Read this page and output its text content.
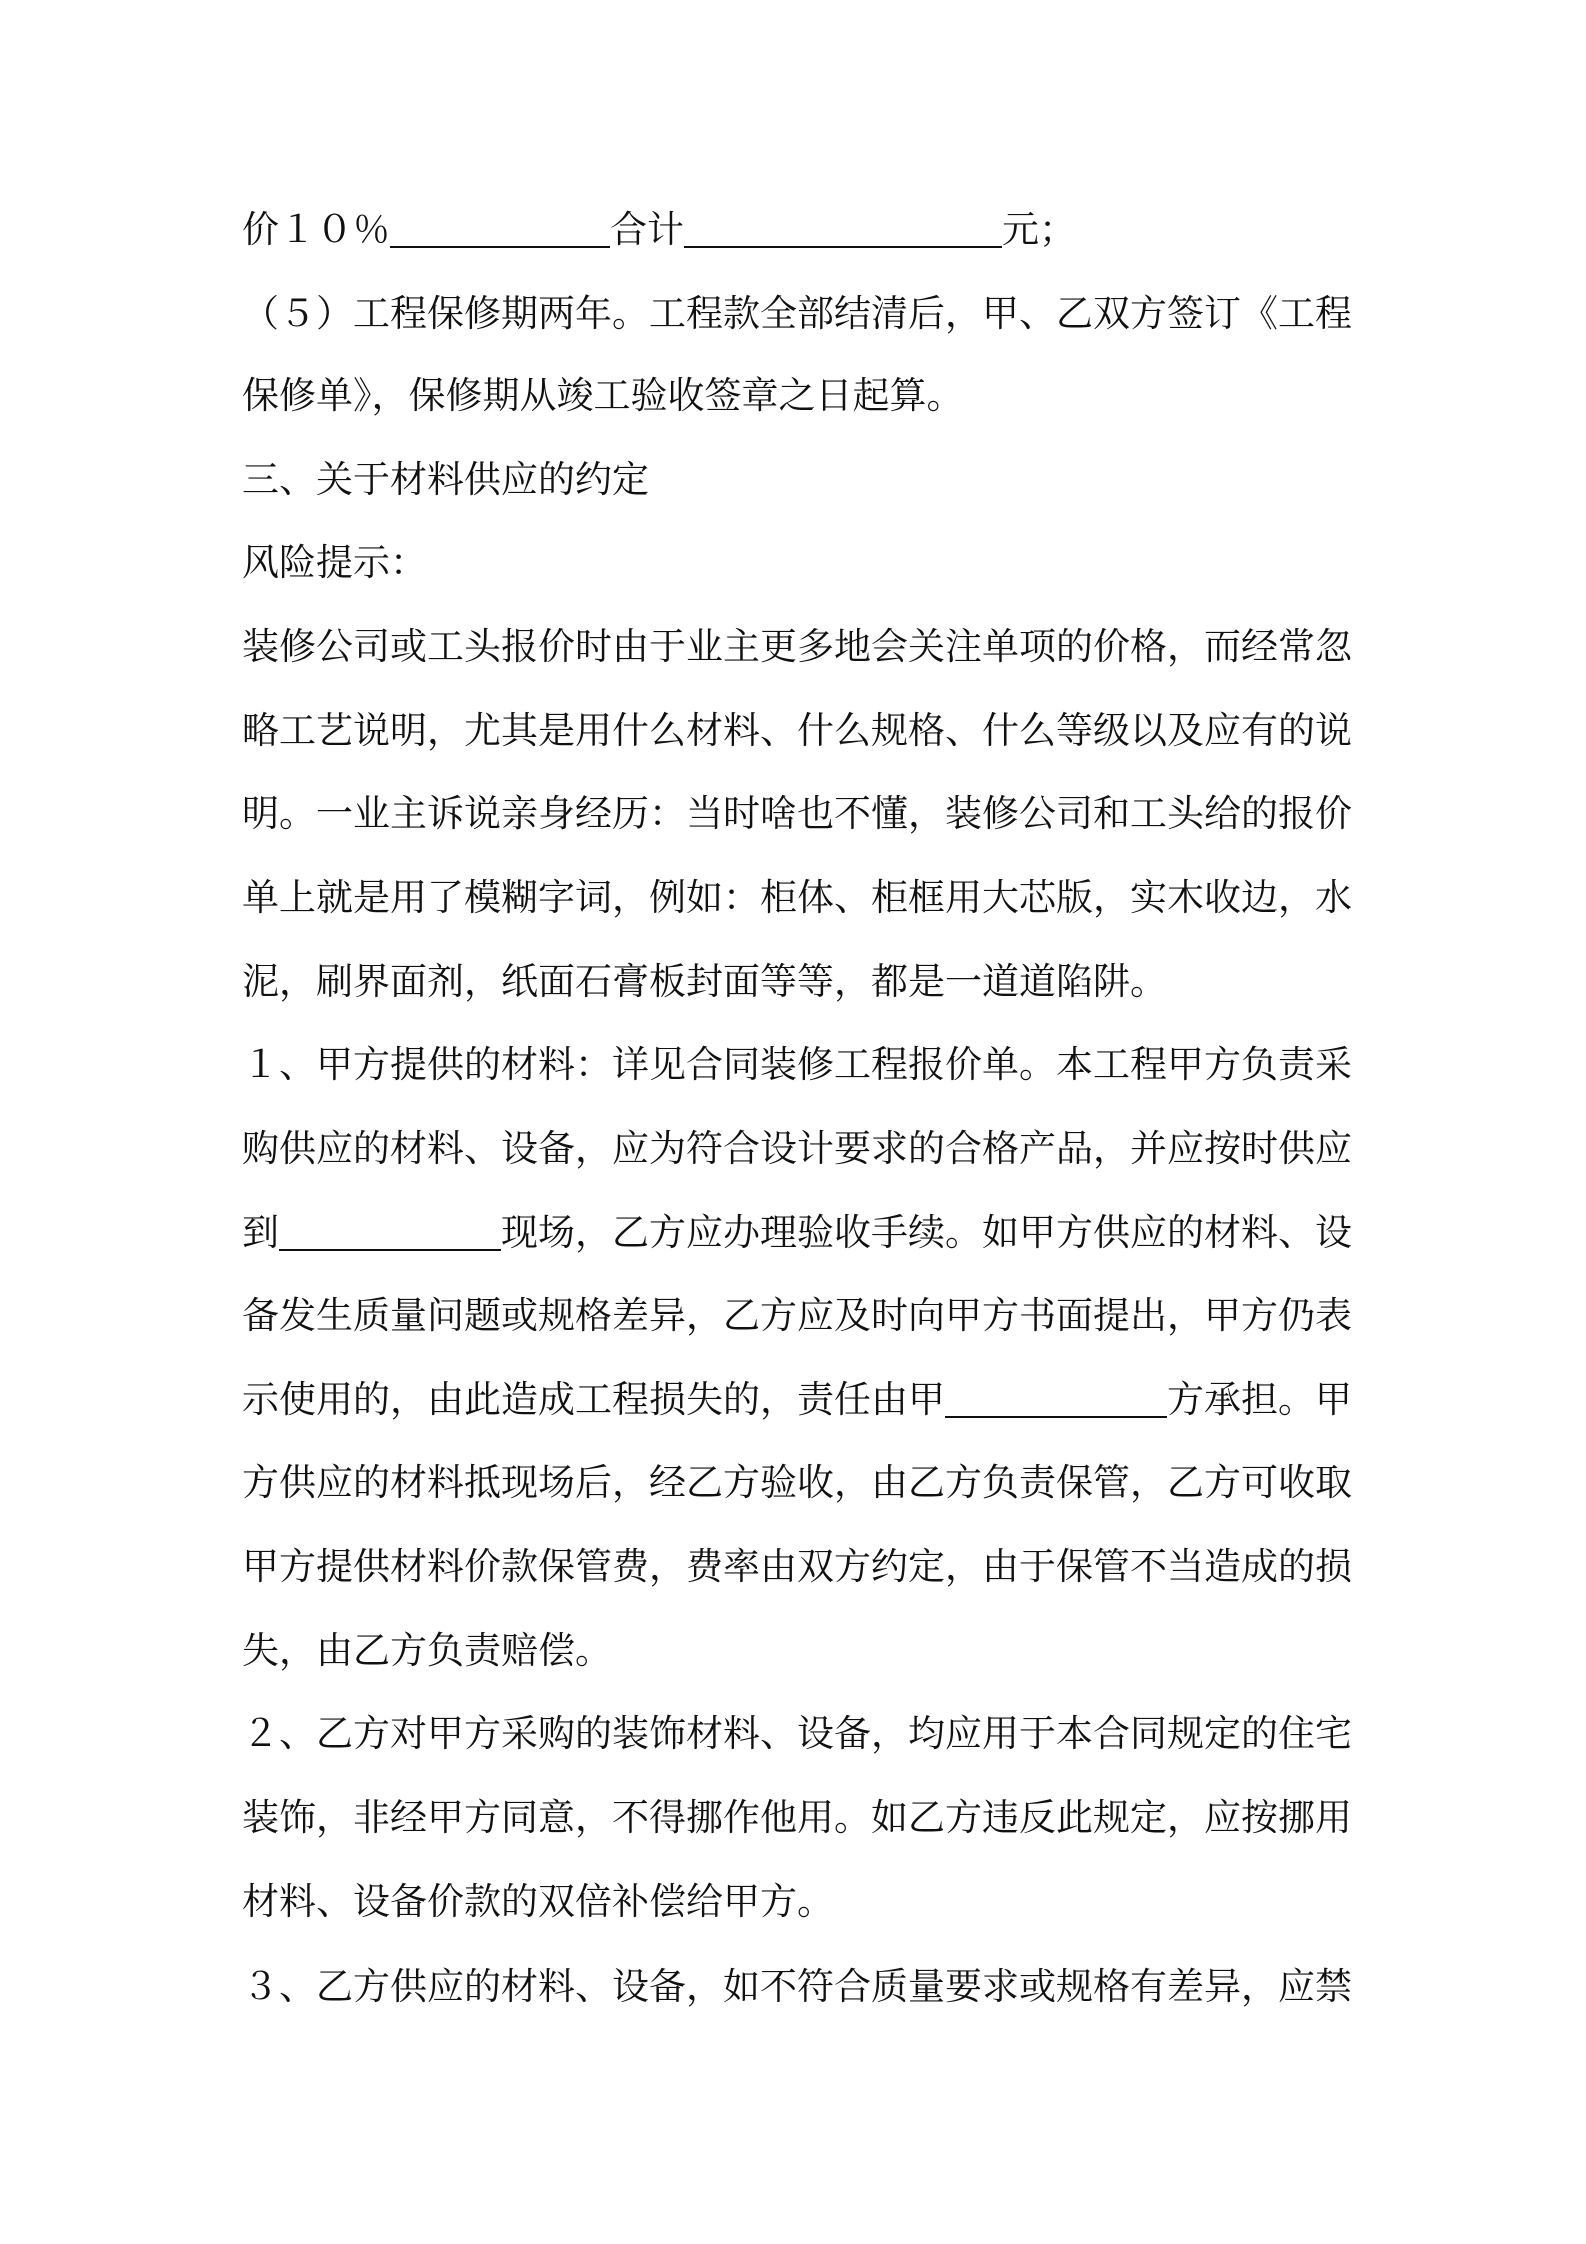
价１０％	合计	元；
（５）工程保修期两年。工程款全部结清后，甲、乙双方签订《工程
保修单》，保修期从竣工验收签章之日起算。
三、关于材料供应的约定
风险提示：
装修公司或工头报价时由于业主更多地会关注单项的价格，而经常忽
略工艺说明，尤其是用什么材料、什么规格、什么等级以及应有的说
明。一业主诉说亲身经历：当时啥也不懂，装修公司和工头给的报价
单上就是用了模糊字词，例如：柜体、柜框用大芯版，实木收边，水
泥，刷界面剂，纸面石膏板封面等等，都是一道道陷阱。
１、甲方提供的材料：详见合同装修工程报价单。本工程甲方负责采
购供应的材料、设备，应为符合设计要求的合格产品，并应按时供应
到	现场，乙方应办理验收手续。如甲方供应的材料、设
备发生质量问题或规格差异，乙方应及时向甲方书面提出，甲方仍表
示使用的，由此造成工程损失的，责任由甲	方承担。甲
方供应的材料抵现场后，经乙方验收，由乙方负责保管，乙方可收取
甲方提供材料价款保管费，费率由双方约定，由于保管不当造成的损
失，由乙方负责赔偿。
２、乙方对甲方采购的装饰材料、设备，均应用于本合同规定的住宅
装饰，非经甲方同意，不得挪作他用。如乙方违反此规定，应按挪用
材料、设备价款的双倍补偿给甲方。
３、乙方供应的材料、设备，如不符合质量要求或规格有差异，应禁
